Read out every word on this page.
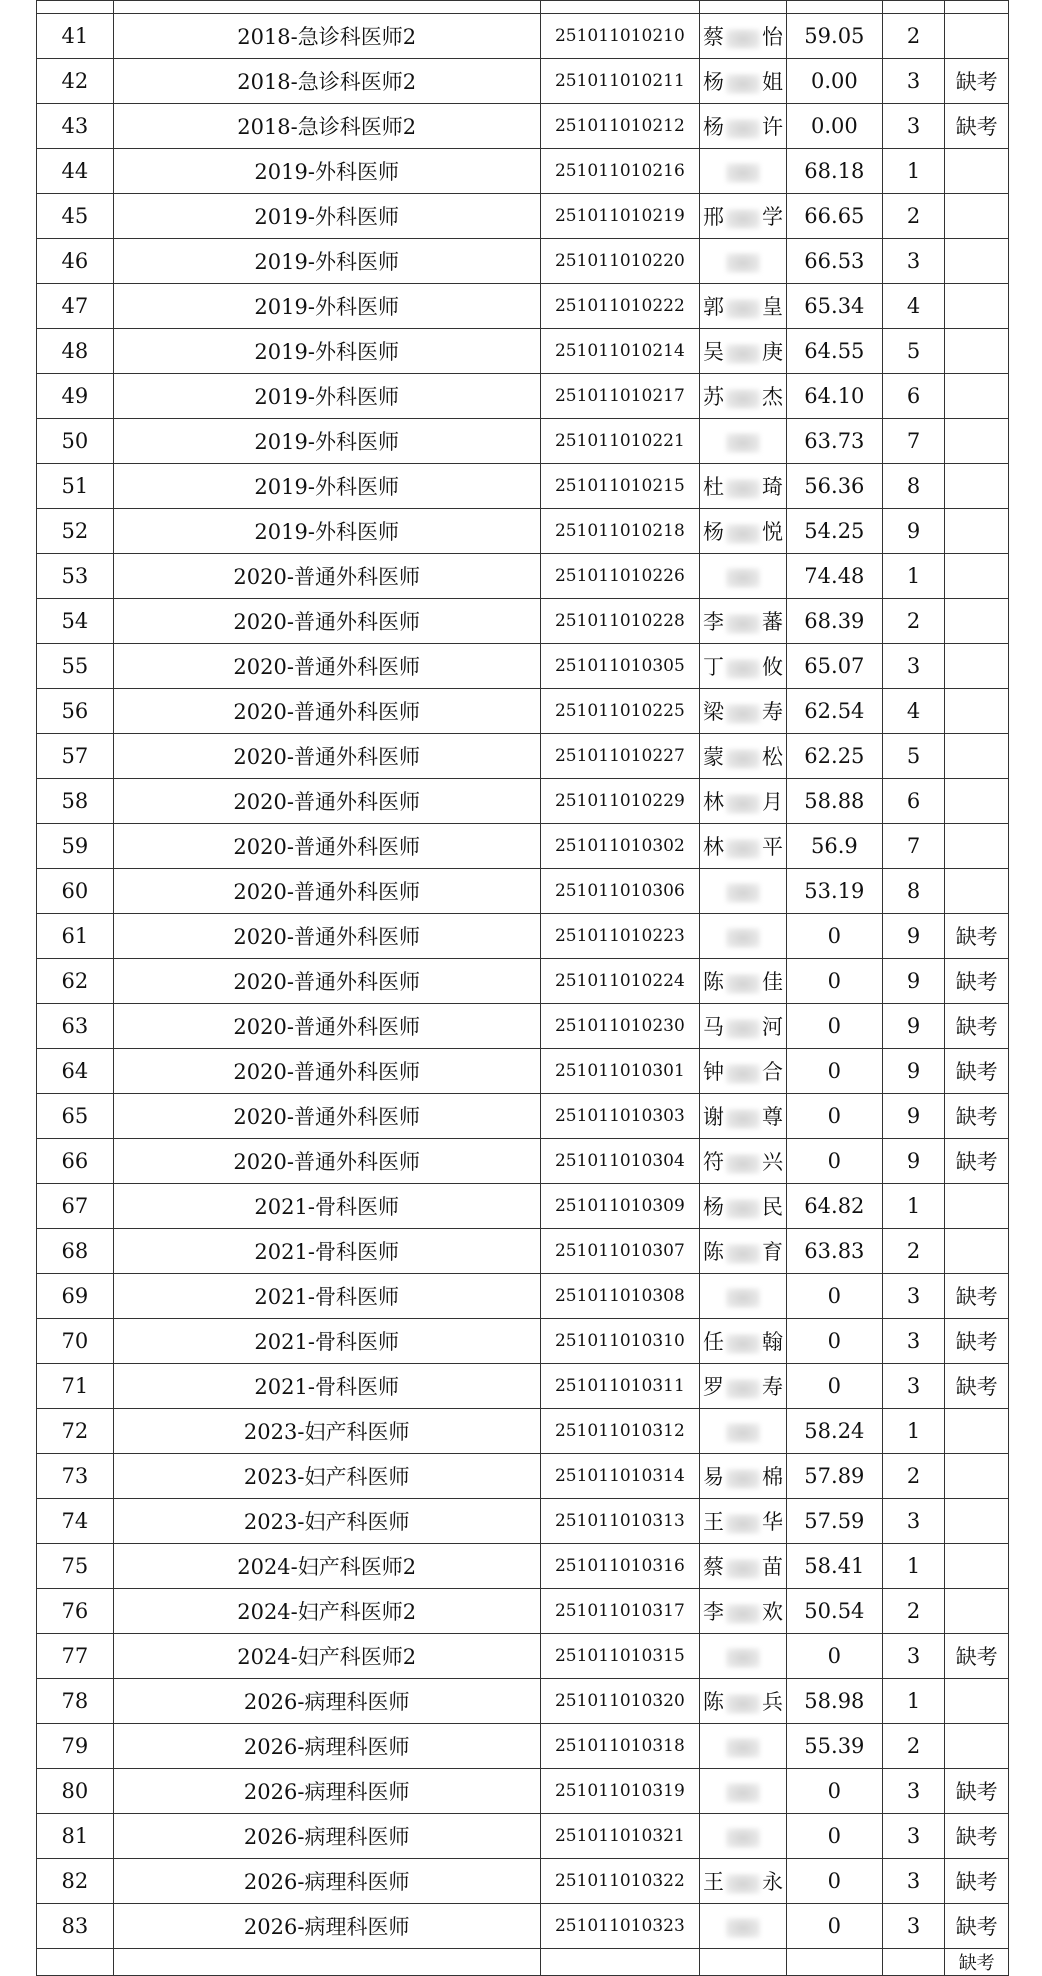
41	2018-急诊科医师2	251011010210	蔡 怡	59.05	2	
42	2018-急诊科医师2	251011010211	杨 姐	0.00	3	缺考
43	2018-急诊科医师2	251011010212	杨 许	0.00	3	缺考
44	2019-外科医师	251011010216		68.18	1	
45	2019-外科医师	251011010219	邢 学	66.65	2	
46	2019-外科医师	251011010220		66.53	3	
47	2019-外科医师	251011010222	郭 皇	65.34	4	
48	2019-外科医师	251011010214	吴 庚	64.55	5	
49	2019-外科医师	251011010217	苏 杰	64.10	6	
50	2019-外科医师	251011010221		63.73	7	
51	2019-外科医师	251011010215	杜 琦	56.36	8	
52	2019-外科医师	251011010218	杨 悦	54.25	9	
53	2020-普通外科医师	251011010226		74.48	1	
54	2020-普通外科医师	251011010228	李 蕃	68.39	2	
55	2020-普通外科医师	251011010305	丁 攸	65.07	3	
56	2020-普通外科医师	251011010225	梁 寿	62.54	4	
57	2020-普通外科医师	251011010227	蒙 松	62.25	5	
58	2020-普通外科医师	251011010229	林 月	58.88	6	
59	2020-普通外科医师	251011010302	林 平	56.9	7	
60	2020-普通外科医师	251011010306		53.19	8	
61	2020-普通外科医师	251011010223		0	9	缺考
62	2020-普通外科医师	251011010224	陈 佳	0	9	缺考
63	2020-普通外科医师	251011010230	马 河	0	9	缺考
64	2020-普通外科医师	251011010301	钟 合	0	9	缺考
65	2020-普通外科医师	251011010303	谢 尊	0	9	缺考
66	2020-普通外科医师	251011010304	符 兴	0	9	缺考
67	2021-骨科医师	251011010309	杨 民	64.82	1	
68	2021-骨科医师	251011010307	陈 育	63.83	2	
69	2021-骨科医师	251011010308		0	3	缺考
70	2021-骨科医师	251011010310	任 翰	0	3	缺考
71	2021-骨科医师	251011010311	罗 寿	0	3	缺考
72	2023-妇产科医师	251011010312		58.24	1	
73	2023-妇产科医师	251011010314	易 棉	57.89	2	
74	2023-妇产科医师	251011010313	王 华	57.59	3	
75	2024-妇产科医师2	251011010316	蔡 苗	58.41	1	
76	2024-妇产科医师2	251011010317	李 欢	50.54	2	
77	2024-妇产科医师2	251011010315		0	3	缺考
78	2026-病理科医师	251011010320	陈 兵	58.98	1	
79	2026-病理科医师	251011010318		55.39	2	
80	2026-病理科医师	251011010319		0	3	缺考
81	2026-病理科医师	251011010321		0	3	缺考
82	2026-病理科医师	251011010322	王 永	0	3	缺考
83	2026-病理科医师	251011010323		0	3	缺考
						缺考
